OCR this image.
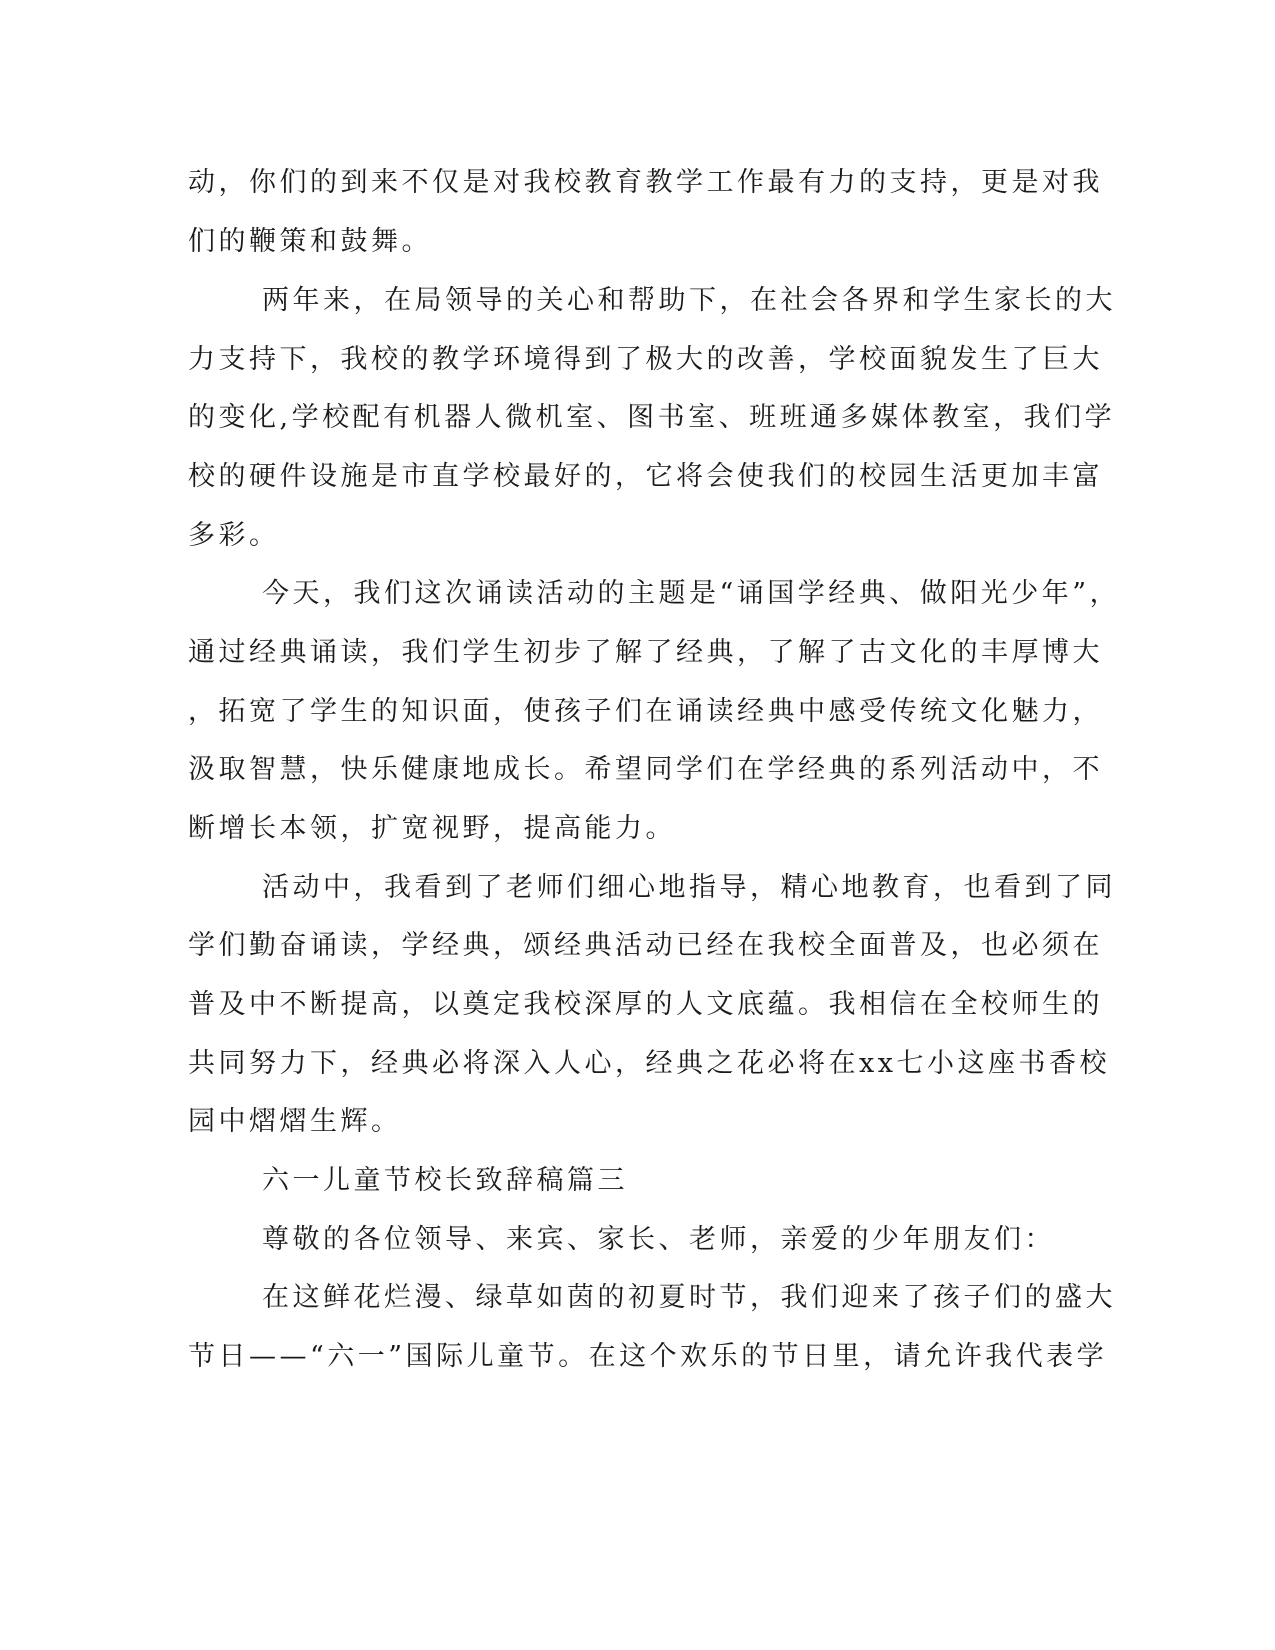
动，你们的到来不仅是对我校教育教学工作最有力的支持，更是对我
们的鞭策和鼓舞。
两年来，在局领导的关心和帮助下，在社会各界和学生家长的大
力支持下，我校的教学环境得到了极大的改善，学校面貌发生了巨大
的变化,学校配有机器人微机室、图书室、班班通多媒体教室，我们学
校的硬件设施是市直学校最好的，它将会使我们的校园生活更加丰富
多彩。
今天，我们这次诵读活动的主题是“诵国学经典、做阳光少年”，
通过经典诵读，我们学生初步了解了经典，了解了古文化的丰厚博大
，拓宽了学生的知识面，使孩子们在诵读经典中感受传统文化魅力，
汲取智慧，快乐健康地成长。希望同学们在学经典的系列活动中，不
断增长本领，扩宽视野，提高能力。
活动中，我看到了老师们细心地指导，精心地教育，也看到了同
学们勤奋诵读，学经典，颂经典活动已经在我校全面普及，也必须在
普及中不断提高，以奠定我校深厚的人文底蕴。我相信在全校师生的
共同努力下，经典必将深入人心，经典之花必将在xx七小这座书香校
园中熠熠生辉。
六一儿童节校长致辞稿篇三
尊敬的各位领导、来宾、家长、老师，亲爱的少年朋友们：
在这鲜花烂漫、绿草如茵的初夏时节，我们迎来了孩子们的盛大
节日——“六一”国际儿童节。在这个欢乐的节日里，请允许我代表学
